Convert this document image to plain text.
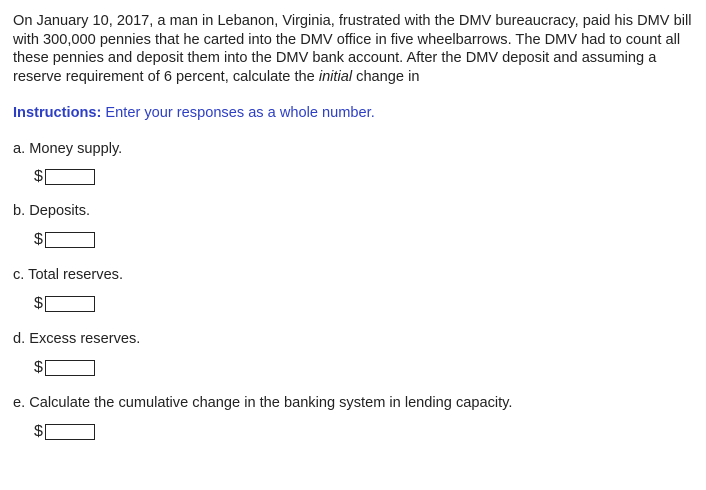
On January 10, 2017, a man in Lebanon, Virginia, frustrated with the DMV bureaucracy, paid his DMV bill with 300,000 pennies that he carted into the DMV office in five wheelbarrows. The DMV had to count all these pennies and deposit them into the DMV bank account. After the DMV deposit and assuming a reserve requirement of 6 percent, calculate the initial change in

Instructions: Enter your responses as a whole number.
a. Money supply.
$
b. Deposits.
$
c. Total reserves.
$
d. Excess reserves.
$
e. Calculate the cumulative change in the banking system in lending capacity.
$
